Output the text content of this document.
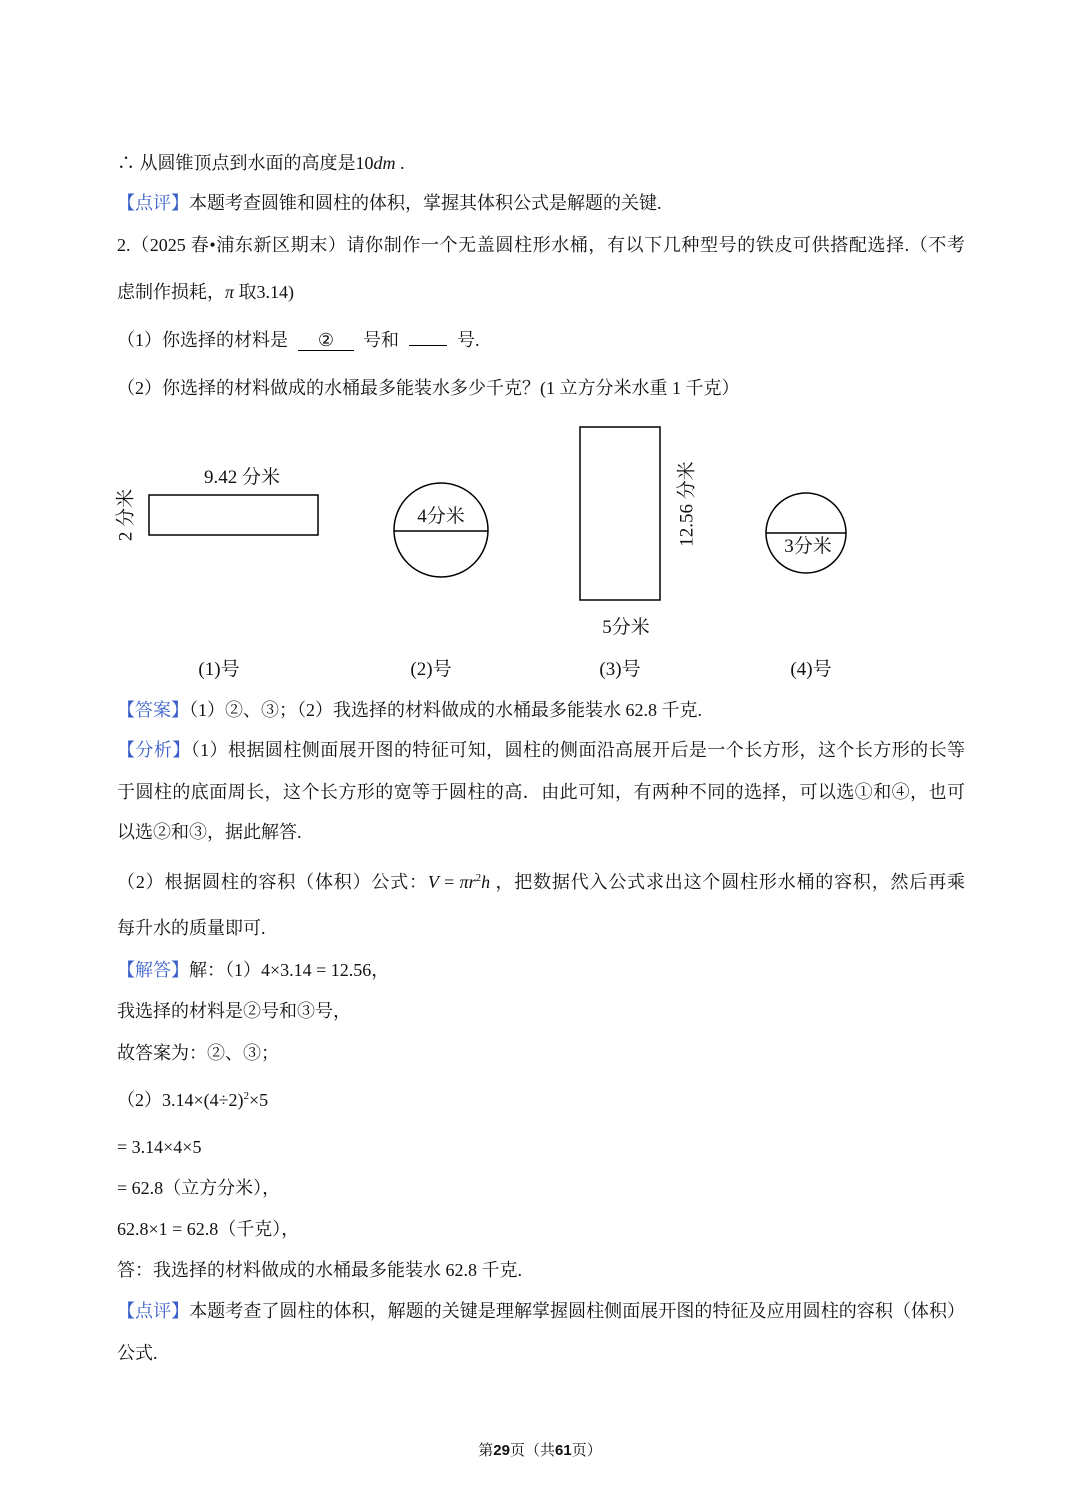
∴ 从圆锥顶点到水面的高度是10dm .
【点评】本题考查圆锥和圆柱的体积，掌握其体积公式是解题的关键.
2.（2025 春•浦东新区期末）请你制作一个无盖圆柱形水桶，有以下几种型号的铁皮可供搭配选择.（不考
虑制作损耗，π 取3.14)
（1）你选择的材料是 ② 号和	号.
（2）你选择的材料做成的水桶最多能装水多少千克？(1 立方分米水重 1 千克）
9.42 分米
2 分米
(1)号
4分米
(2)号
12.56 分米
5分米
(3)号
3分米
(4)号
【答案】（1）②、③；（2）我选择的材料做成的水桶最多能装水 62.8 千克.
【分析】（1）根据圆柱侧面展开图的特征可知，圆柱的侧面沿高展开后是一个长方形，这个长方形的长等
于圆柱的底面周长，这个长方形的宽等于圆柱的高．由此可知，有两种不同的选择，可以选①和④，也可
以选②和③，据此解答.
（2）根据圆柱的容积（体积）公式：$V = \pi r^2h$ ，把数据代入公式求出这个圆柱形水桶的容积，然后再乘
每升水的质量即可.
【解答】解：（1）4×3.14 = 12.56，
我选择的材料是②号和③号，
故答案为：②、③；
$(2)3.14\times(4\div 2)^2\times 5$
= 3.14×4×5
= 62.8（立方分米），
62.8×1 = 62.8（千克），
答：我选择的材料做成的水桶最多能装水 62.8 千克.
【点评】本题考查了圆柱的体积，解题的关键是理解掌握圆柱侧面展开图的特征及应用圆柱的容积（体积）
公式.
第29页（共61页）
